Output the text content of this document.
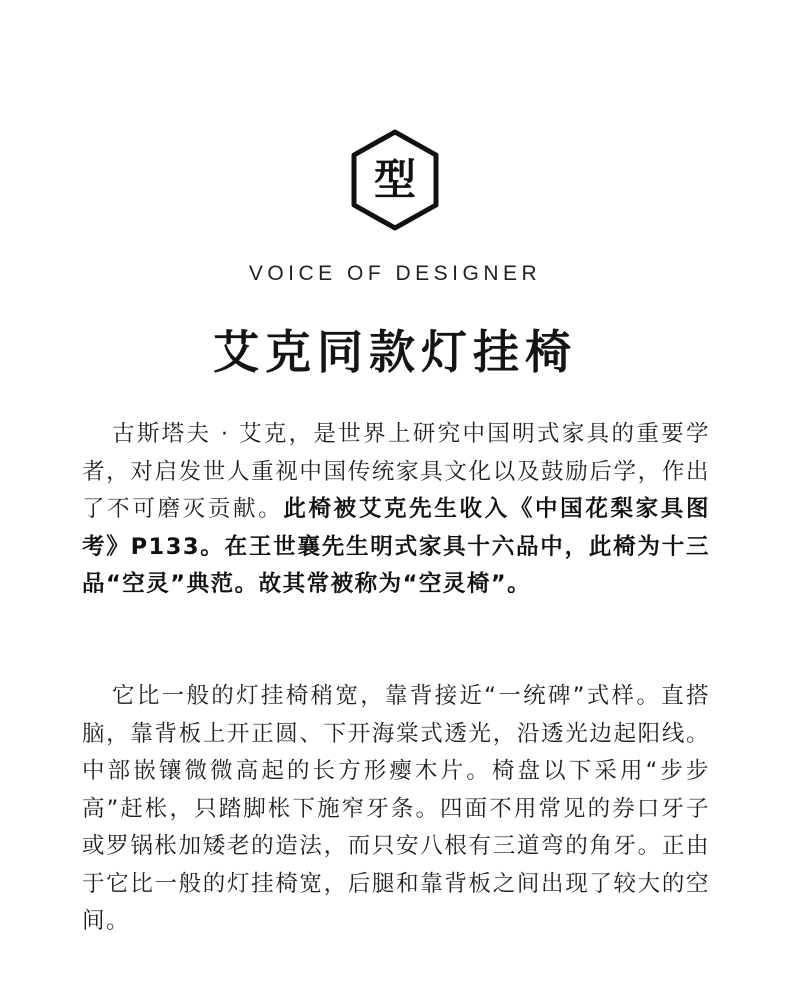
型
VOICE OF DESIGNER
艾克同款灯挂椅

古斯塔夫 · 艾克，是世界上研究中国明式家具的重要学者，对启发世人重视中国传统家具文化以及鼓励后学，作出了不可磨灭贡献。此椅被艾克先生收入《中国花梨家具图考》P133。在王世襄先生明式家具十六品中，此椅为十三品“空灵”典范。故其常被称为“空灵椅”。

它比一般的灯挂椅稍宽，靠背接近“一统碑”式样。直搭脑，靠背板上开正圆、下开海棠式透光，沿透光边起阳线。中部嵌镶微微高起的长方形瘿木片。椅盘以下采用“步步高”赶枨，只踏脚枨下施窄牙条。四面不用常见的券口牙子或罗锅枨加矮老的造法，而只安八根有三道弯的角牙。正由于它比一般的灯挂椅宽，后腿和靠背板之间出现了较大的空间。
